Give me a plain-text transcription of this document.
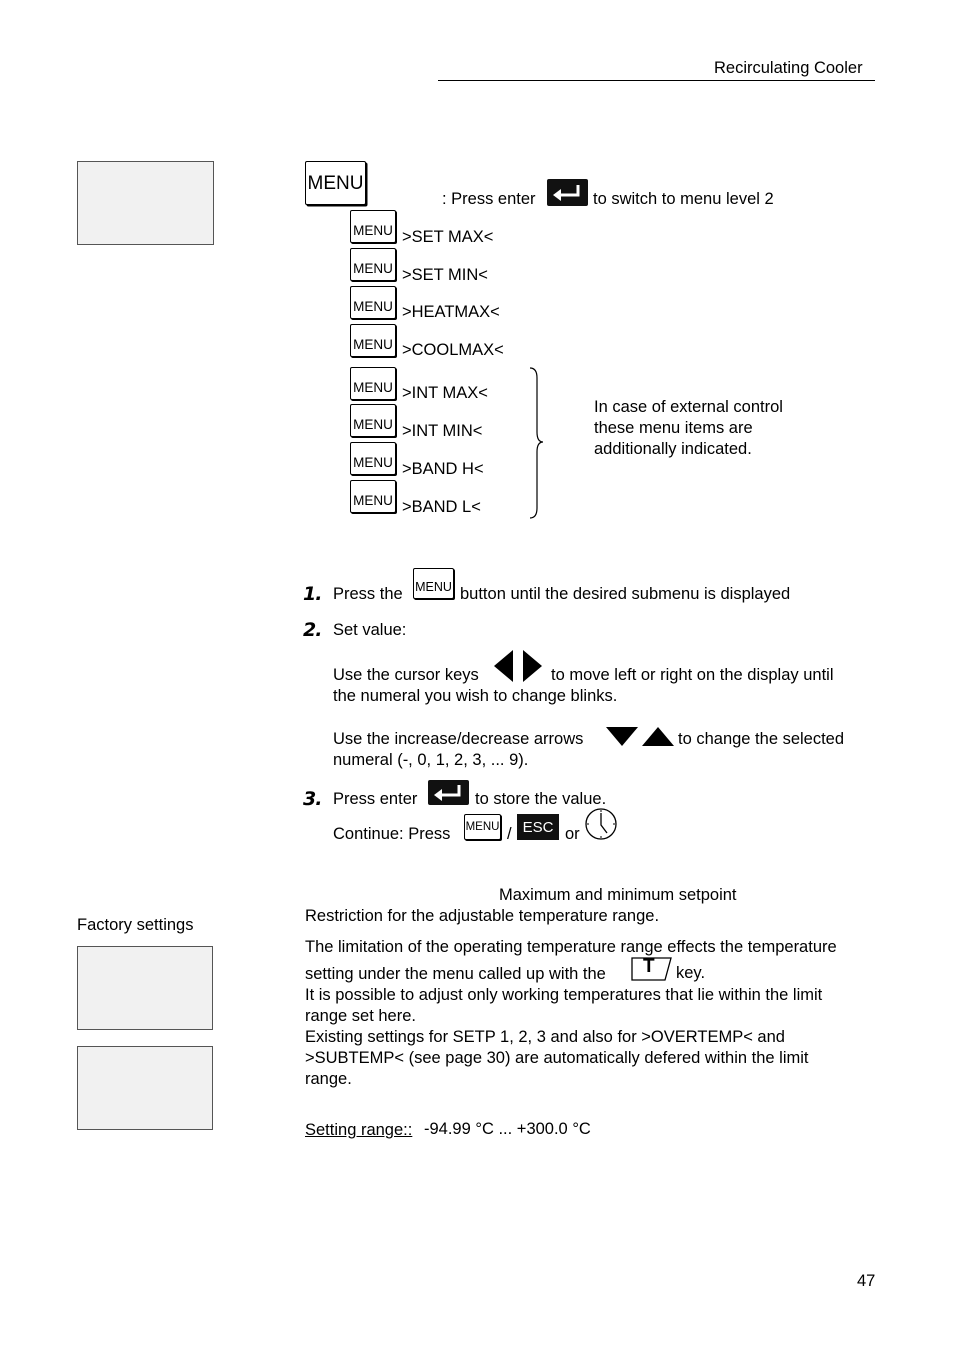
Recirculating Cooler
Factory settings
MENU
: Press enter	to switch to menu level 2
MENU >SET MAX<
MENU >SET MIN<
MENU >HEATMAX<
MENU >COOLMAX<
MENU >INT MAX<
MENU >INT MIN<
MENU >BAND H<
MENU >BAND L<
In case of external control
these menu items are
additionally indicated.
1. Press the MENU button until the desired submenu is displayed
2. Set value:
Use the cursor keys	to move left or right on the display until
the numeral you wish to change blinks.
Use the increase/decrease arrows	to change the selected
numeral (-, 0, 1, 2, 3, ... 9).
3. Press enter	to store the value.
Continue: Press MENU / ESC or
Maximum and minimum setpoint
Restriction for the adjustable temperature range.
The limitation of the operating temperature range effects the temperature
setting under the menu called up with the T key.
It is possible to adjust only working temperatures that lie within the limit
range set here.
Existing settings for SETP 1, 2, 3 and also for >OVERTEMP< and
>SUBTEMP< (see page 30) are automatically defered within the limit
range.
Setting range:: -94.99 °C ... +300.0 °C
47
